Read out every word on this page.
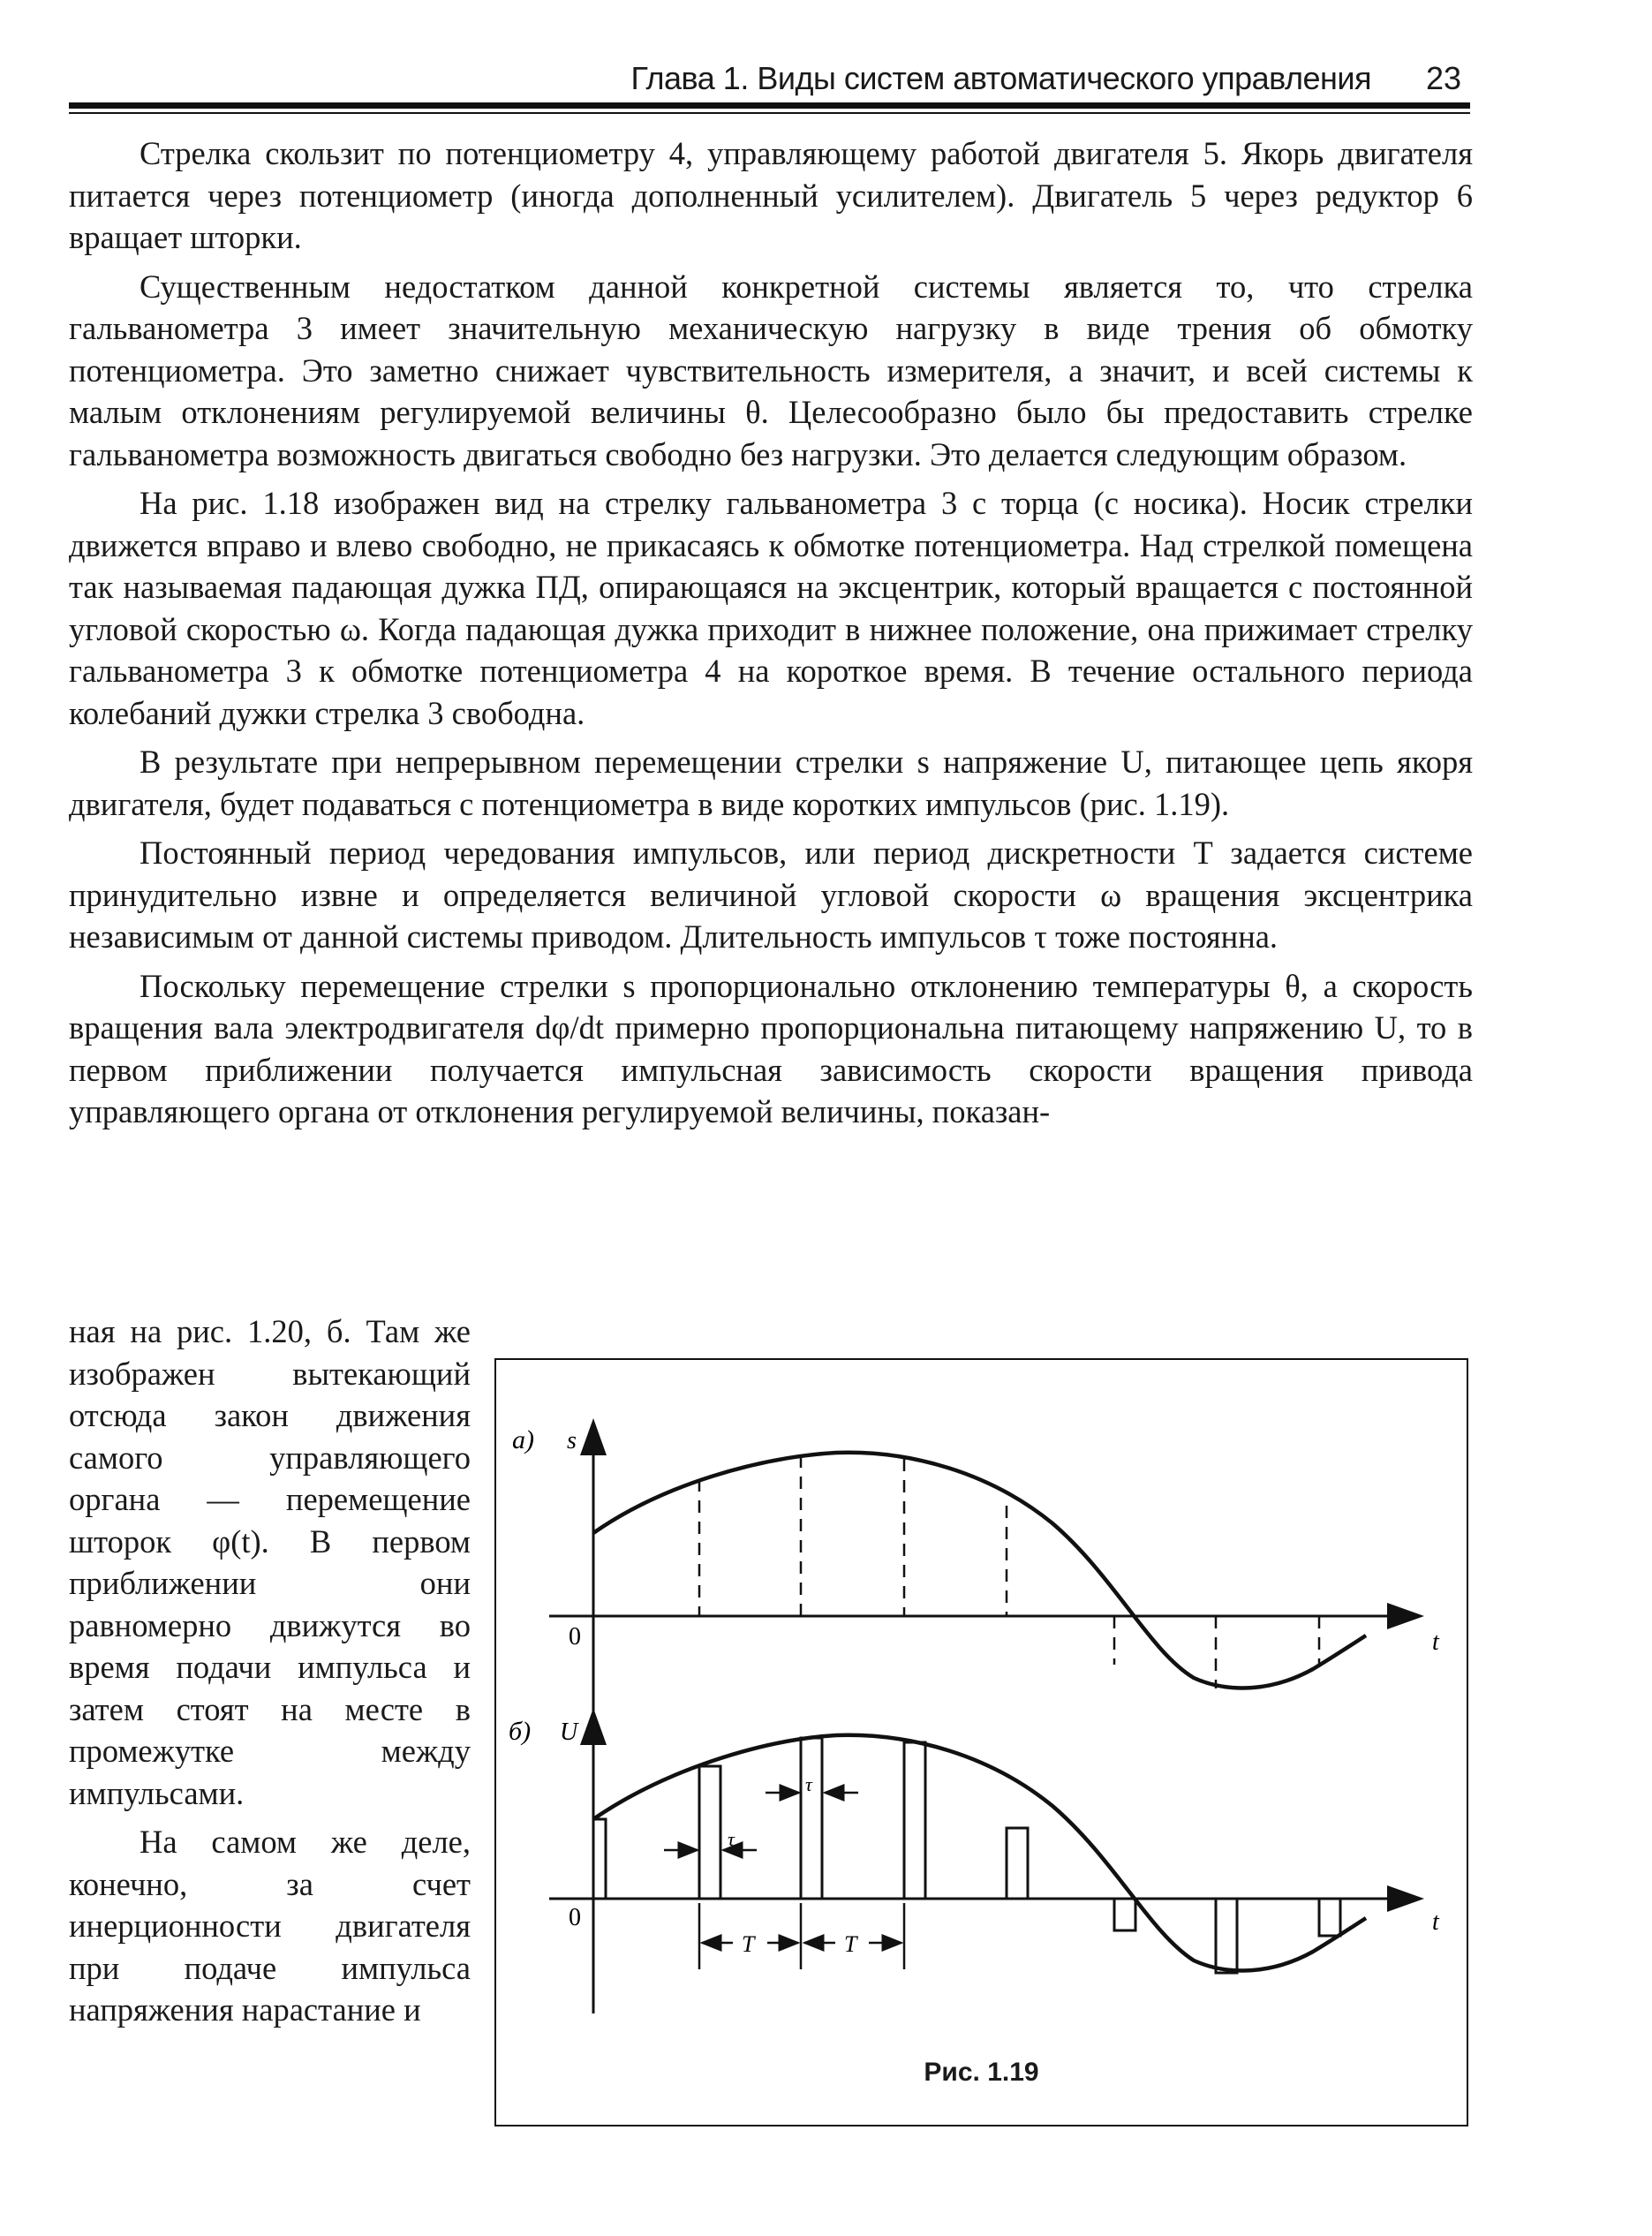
Глава 1. Виды систем автоматического управления 23

Стрелка скользит по потенциометру 4, управляющему работой двигателя 5. Якорь двигателя питается через потенциометр (иногда дополненный усилителем). Двигатель 5 через редуктор 6 вращает шторки.

Существенным недостатком данной конкретной системы является то, что стрелка гальванометра 3 имеет значительную механическую нагрузку в виде трения об обмотку потенциометра. Это заметно снижает чувствительность измерителя, а значит, и всей системы к малым отклонениям регулируемой величины θ. Целесообразно было бы предоставить стрелке гальванометра возможность двигаться свободно без нагрузки. Это делается следующим образом.

На рис. 1.18 изображен вид на стрелку гальванометра 3 с торца (с носика). Носик стрелки движется вправо и влево свободно, не прикасаясь к обмотке потенциометра. Над стрелкой помещена так называемая падающая дужка ПД, опирающаяся на эксцентрик, который вращается с постоянной угловой скоростью ω. Когда падающая дужка приходит в нижнее положение, она прижимает стрелку гальванометра 3 к обмотке потенциометра 4 на короткое время. В течение остального периода колебаний дужки стрелка 3 свободна.

В результате при непрерывном перемещении стрелки s напряжение U, питающее цепь якоря двигателя, будет подаваться с потенциометра в виде коротких импульсов (рис. 1.19).

Постоянный период чередования импульсов, или период дискретности T задается системе принудительно извне и определяется величиной угловой скорости ω вращения эксцентрика независимым от данной системы приводом. Длительность импульсов τ тоже постоянна.

Поскольку перемещение стрелки s пропорционально отклонению температуры θ, а скорость вращения вала электродвигателя dφ/dt примерно пропорциональна питающему напряжению U, то в первом приближении получается импульсная зависимость скорости вращения привода управляющего органа от отклонения регулируемой величины, показан-

ная на рис. 1.20, б. Там же изображен вытекающий отсюда закон движения самого управляющего органа — перемещение шторок φ(t). В первом приближении они равномерно движутся во время подачи импульса и затем стоят на месте в промежутке между импульсами.

На самом же деле, конечно, за счет инерционности двигателя при подаче импульса напряжения нарастание и

а) s
0	t
б) U
0	t
τ
τ
T	T
Рис. 1.19
